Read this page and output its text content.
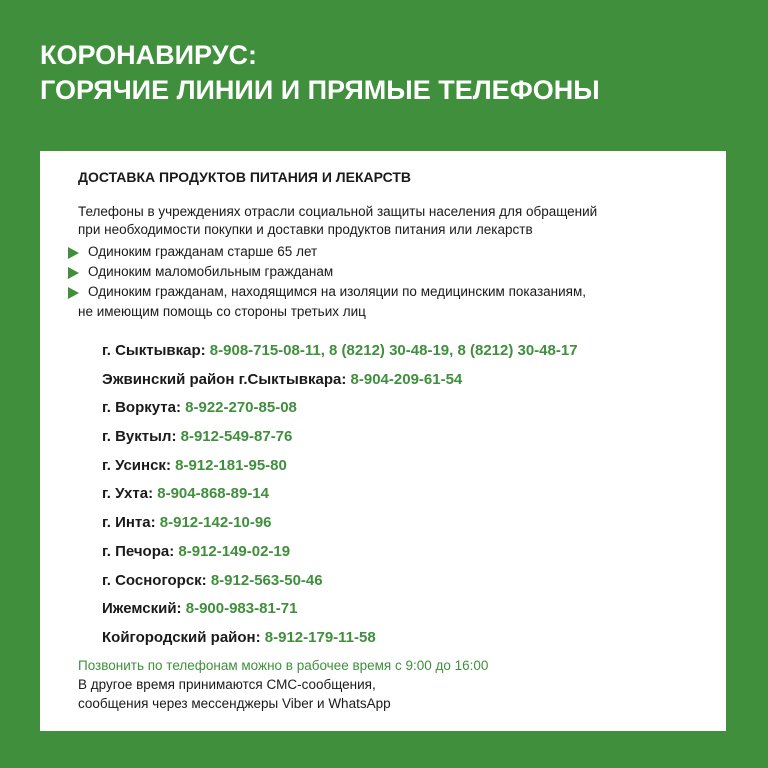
КОРОНАВИРУС:
ГОРЯЧИЕ ЛИНИИ И ПРЯМЫЕ ТЕЛЕФОНЫ
ДОСТАВКА ПРОДУКТОВ ПИТАНИЯ И ЛЕКАРСТВ
Телефоны в учреждениях отрасли социальной защиты населения для обращений
при необходимости покупки и доставки продуктов питания или лекарств
Одиноким гражданам старше 65 лет
Одиноким маломобильным гражданам
Одиноким гражданам, находящимся на изоляции по медицинским показаниям,
не имеющим помощь со стороны третьих лиц
г. Сыктывкар: 8-908-715-08-11, 8 (8212) 30-48-19, 8 (8212) 30-48-17
Эжвинский район г.Сыктывкара: 8-904-209-61-54
г. Воркута: 8-922-270-85-08
г. Вуктыл: 8-912-549-87-76
г. Усинск: 8-912-181-95-80
г. Ухта: 8-904-868-89-14
г. Инта: 8-912-142-10-96
г. Печора: 8-912-149-02-19
г. Сосногорск: 8-912-563-50-46
Ижемский: 8-900-983-81-71
Койгородский район: 8-912-179-11-58
Позвонить по телефонам можно в рабочее время с 9:00 до 16:00
В другое время принимаются СМС-сообщения,
сообщения через мессенджеры Viber и WhatsApp
